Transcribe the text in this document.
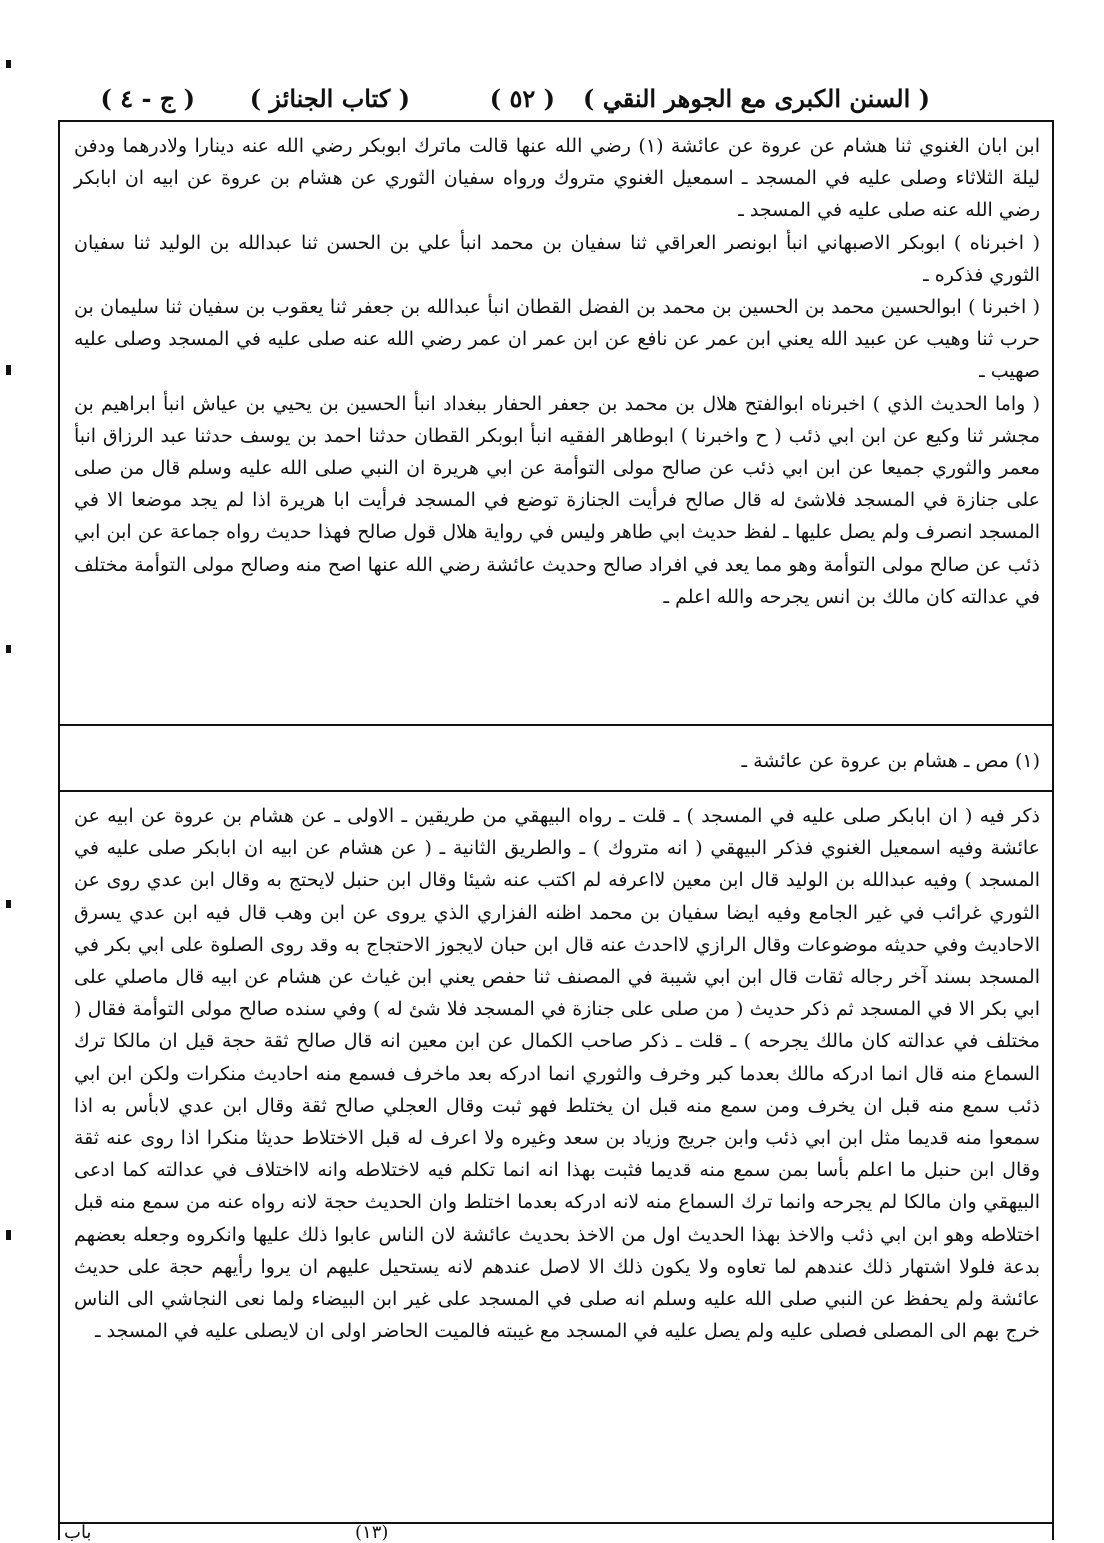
( السنن الكبرى مع الجوهر النقي )
( ٥٢ )
( كتاب الجنائز )
( ج - ٤ )

ابن ابان الغنوي ثنا هشام عن عروة عن عائشة (١) رضي الله عنها قالت ماترك ابوبكر رضي الله عنه دينارا ولادرهما ودفن ليلة الثلاثاء وصلى عليه في المسجد ـ اسمعيل الغنوي متروك ورواه سفيان الثوري عن هشام بن عروة عن ابيه ان ابابكر رضي الله عنه صلى عليه في المسجد ـ

( اخبرناه ) ابوبكر الاصبهاني انبأ ابونصر العراقي ثنا سفيان بن محمد انبأ علي بن الحسن ثنا عبدالله بن الوليد ثنا سفيان الثوري فذكره ـ

( اخبرنا ) ابوالحسين محمد بن الحسين بن محمد بن الفضل القطان انبأ عبدالله بن جعفر ثنا يعقوب بن سفيان ثنا سليمان بن حرب ثنا وهيب عن عبيد الله يعني ابن عمر عن نافع عن ابن عمر ان عمر رضي الله عنه صلى عليه في المسجد وصلى عليه صهيب ـ

( واما الحديث الذي ) اخبرناه ابوالفتح هلال بن محمد بن جعفر الحفار ببغداد انبأ الحسين بن يحيي بن عياش انبأ ابراهيم بن مجشر ثنا وكيع عن ابن ابي ذئب ( ح واخبرنا ) ابوطاهر الفقيه انبأ ابوبكر القطان حدثنا احمد بن يوسف حدثنا عبد الرزاق انبأ معمر والثوري جميعا عن ابن ابي ذئب عن صالح مولى التوأمة عن ابي هريرة ان النبي صلى الله عليه وسلم قال من صلى على جنازة في المسجد فلاشئ له قال صالح فرأيت الجنازة توضع في المسجد فرأيت ابا هريرة اذا لم يجد موضعا الا في المسجد انصرف ولم يصل عليها ـ لفظ حديث ابي طاهر وليس في رواية هلال قول صالح فهذا حديث رواه جماعة عن ابن ابي ذئب عن صالح مولى التوأمة وهو مما يعد في افراد صالح وحديث عائشة رضي الله عنها اصح منه وصالح مولى التوأمة مختلف في عدالته كان مالك بن انس يجرحه والله اعلم ـ

(١) مص ـ هشام بن عروة عن عائشة ـ

ذكر فيه ( ان ابابكر صلى عليه في المسجد ) ـ قلت ـ رواه البيهقي من طريقين ـ الاولى ـ عن هشام بن عروة عن ابيه عن عائشة وفيه اسمعيل الغنوي فذكر البيهقي ( انه متروك ) ـ والطريق الثانية ـ ( عن هشام عن ابيه ان ابابكر صلى عليه في المسجد ) وفيه عبدالله بن الوليد قال ابن معين لااعرفه لم اكتب عنه شيئا وقال ابن حنبل لايحتج به وقال ابن عدي روى عن الثوري غرائب في غير الجامع وفيه ايضا سفيان بن محمد اظنه الفزاري الذي يروى عن ابن وهب قال فيه ابن عدي يسرق الاحاديث وفي حديثه موضوعات وقال الرازي لااحدث عنه قال ابن حبان لايجوز الاحتجاج به وقد روى الصلوة على ابي بكر في المسجد بسند آخر رجاله ثقات قال ابن ابي شيبة في المصنف ثنا حفص يعني ابن غياث عن هشام عن ابيه قال ماصلي على ابي بكر الا في المسجد ثم ذكر حديث ( من صلى على جنازة في المسجد فلا شئ له ) وفي سنده صالح مولى التوأمة فقال ( مختلف في عدالته كان مالك يجرحه ) ـ قلت ـ ذكر صاحب الكمال عن ابن معين انه قال صالح ثقة حجة قيل ان مالكا ترك السماع منه قال انما ادركه مالك بعدما كبر وخرف والثوري انما ادركه بعد ماخرف فسمع منه احاديث منكرات ولكن ابن ابي ذئب سمع منه قبل ان يخرف ومن سمع منه قبل ان يختلط فهو ثبت وقال العجلي صالح ثقة وقال ابن عدي لابأس به اذا سمعوا منه قديما مثل ابن ابي ذئب وابن جريج وزياد بن سعد وغيره ولا اعرف له قبل الاختلاط حديثا منكرا اذا روى عنه ثقة وقال ابن حنبل ما اعلم بأسا بمن سمع منه قديما فثبت بهذا انه انما تكلم فيه لاختلاطه وانه لااختلاف في عدالته كما ادعى البيهقي وان مالكا لم يجرحه وانما ترك السماع منه لانه ادركه بعدما اختلط وان الحديث حجة لانه رواه عنه من سمع منه قبل اختلاطه وهو ابن ابي ذئب والاخذ بهذا الحديث اول من الاخذ بحديث عائشة لان الناس عابوا ذلك عليها وانكروه وجعله بعضهم بدعة فلولا اشتهار ذلك عندهم لما تعاوه ولا يكون ذلك الا لاصل عندهم لانه يستحيل عليهم ان يروا رأيهم حجة على حديث عائشة ولم يحفظ عن النبي صلى الله عليه وسلم انه صلى في المسجد على غير ابن البيضاء ولما نعى النجاشي الى الناس خرج بهم الى المصلى فصلى عليه ولم يصل عليه في المسجد مع غيبته فالميت الحاضر اولى ان لايصلى عليه في المسجد ـ

باب	(١٣)
